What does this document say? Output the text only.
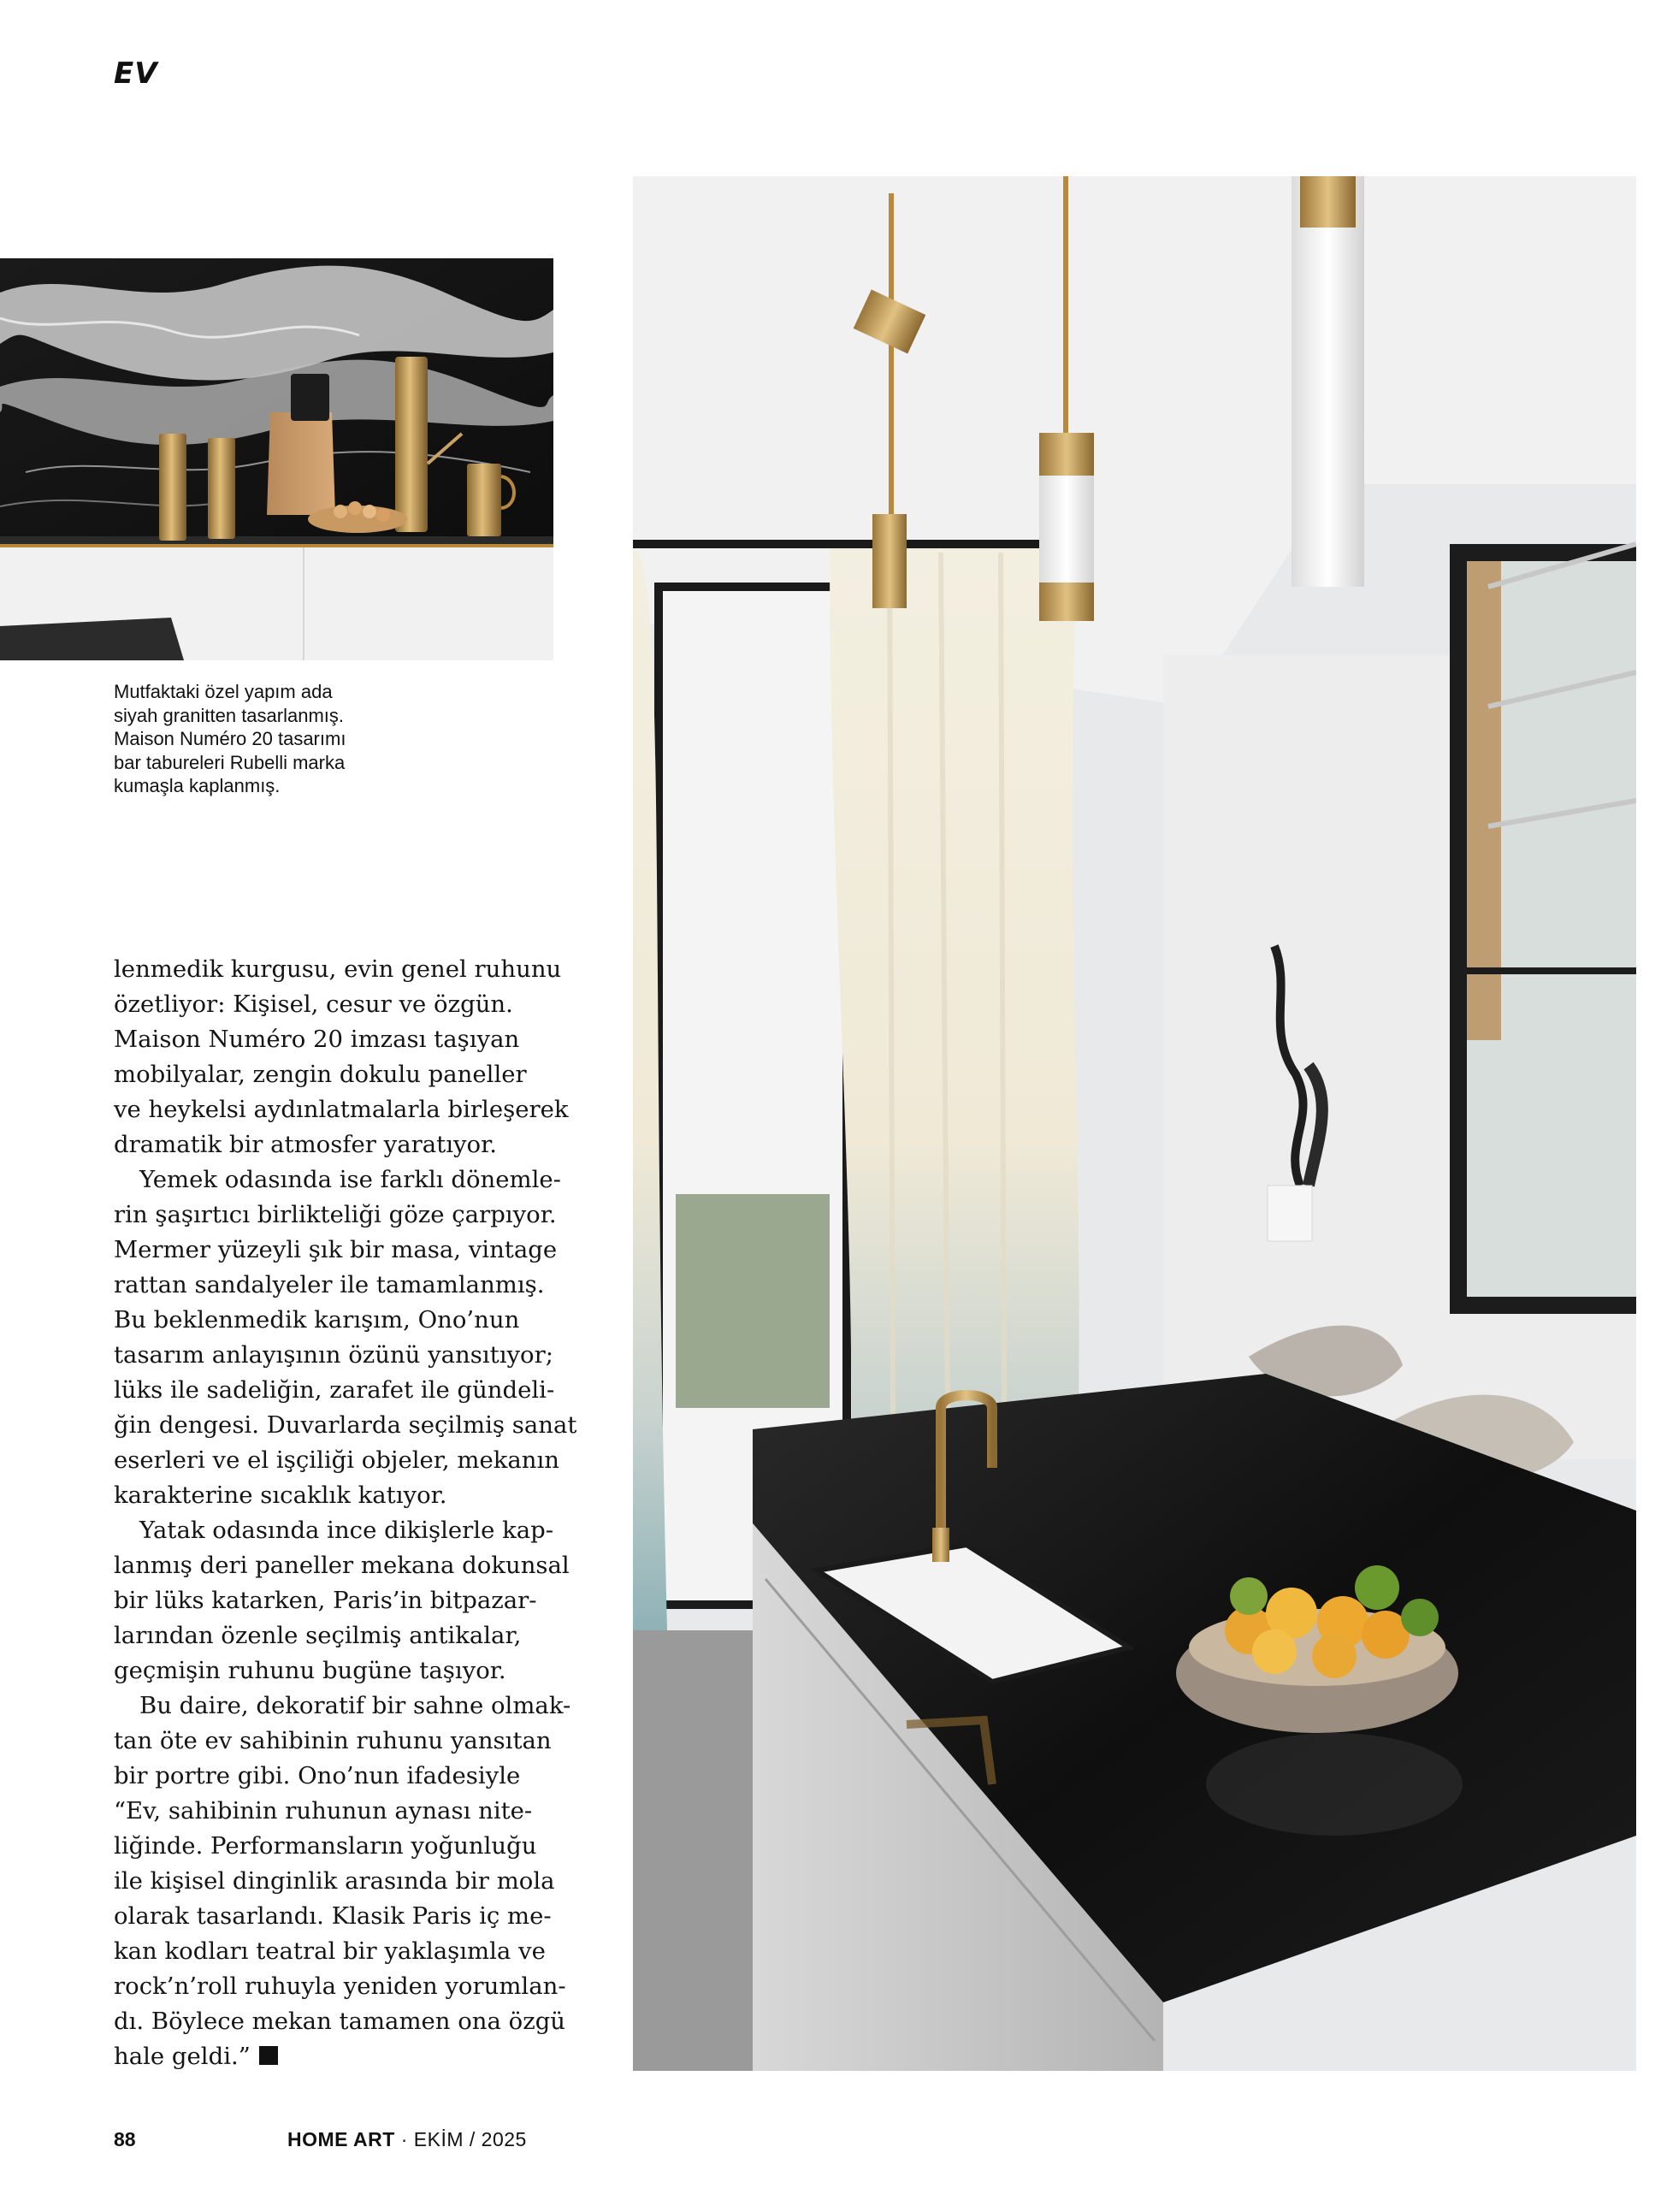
EV

Mutfaktaki özel yapım ada

siyah granitten tasarlanmış.

Maison Numéro 20 tasarımı

bar tabureleri Rubelli marka

kumaşla kaplanmış.

lenmedik kurgusu, evin genel ruhunu

özetliyor: Kişisel, cesur ve özgün.

Maison Numéro 20 imzası taşıyan

mobilyalar, zengin dokulu paneller

ve heykelsi aydınlatmalarla birleşerek

dramatik bir atmosfer yaratıyor.

Yemek odasında ise farklı dönemle-

rin şaşırtıcı birlikteliği göze çarpıyor.

Mermer yüzeyli şık bir masa, vintage

rattan sandalyeler ile tamamlanmış.

Bu beklenmedik karışım, Ono’nun

tasarım anlayışının özünü yansıtıyor;

lüks ile sadeliğin, zarafet ile gündeli-

ğin dengesi. Duvarlarda seçilmiş sanat

eserleri ve el işçiliği objeler, mekanın

karakterine sıcaklık katıyor.

Yatak odasında ince dikişlerle kap-

lanmış deri paneller mekana dokunsal

bir lüks katarken, Paris’in bitpazar-

larından özenle seçilmiş antikalar,

geçmişin ruhunu bugüne taşıyor.

Bu daire, dekoratif bir sahne olmak-

tan öte ev sahibinin ruhunu yansıtan

bir portre gibi. Ono’nun ifadesiyle

“Ev, sahibinin ruhunun aynası nite-

liğinde. Performansların yoğunluğu

ile kişisel dinginlik arasında bir mola

olarak tasarlandı. Klasik Paris iç me-

kan kodları teatral bir yaklaşımla ve

rock’n’roll ruhuyla yeniden yorumlan-

dı. Böylece mekan tamamen ona özgü

hale geldi.”

88	HOME ART · EKİM / 2025
